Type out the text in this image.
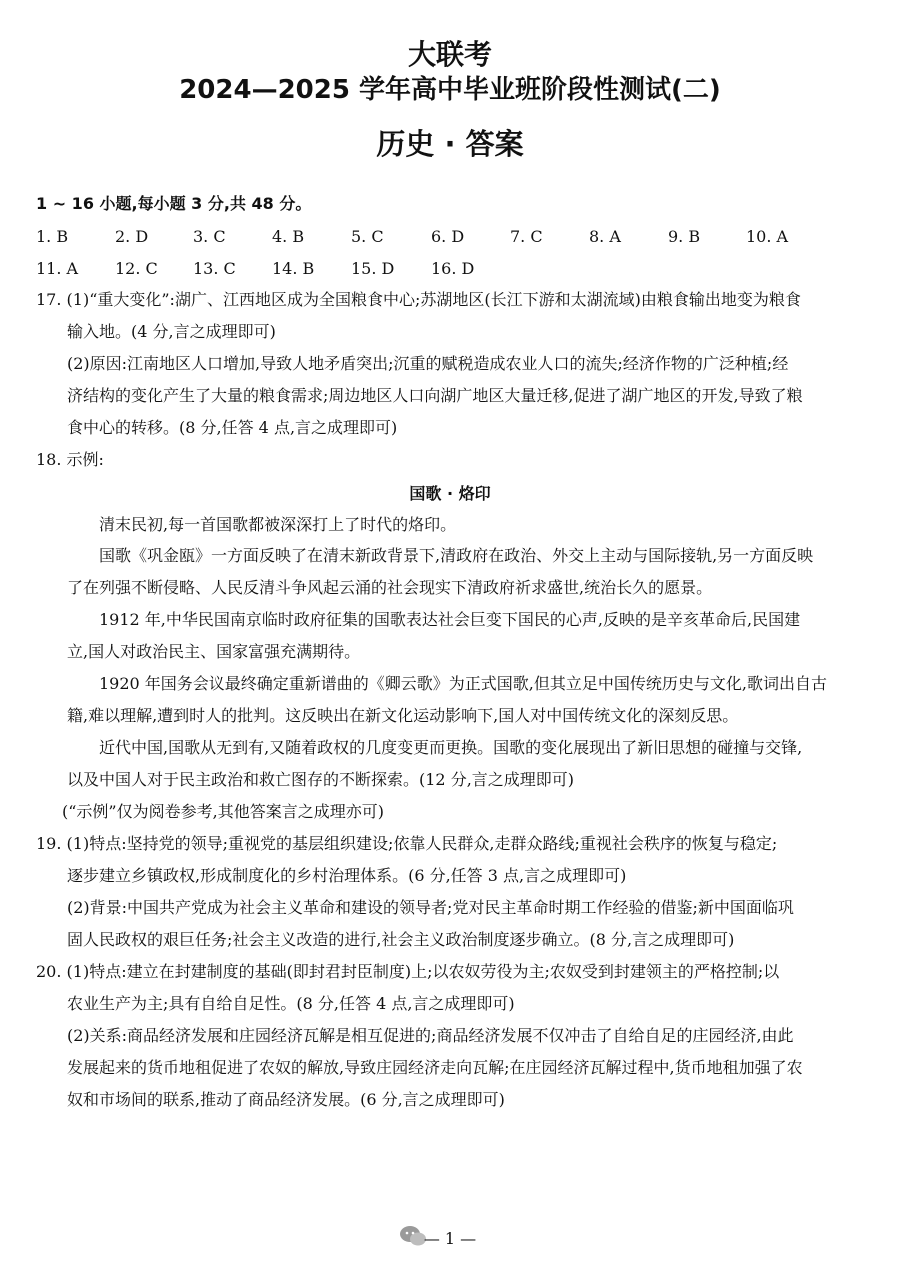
大联考
2024—2025 学年高中毕业班阶段性测试(二)
历史 · 答案
1 ~ 16 小题,每小题 3 分,共 48 分。
1. B	2. D	3. C	4. B	5. C	6. D	7. C	8. A	9. B	10. A
11. A 12. C 13. C 14. B 15. D 16. D
17. (1)“重大变化”:湖广、江西地区成为全国粮食中心;苏湖地区(长江下游和太湖流域)由粮食输出地变为粮食
输入地。(4 分,言之成理即可)
(2)原因:江南地区人口增加,导致人地矛盾突出;沉重的赋税造成农业人口的流失;经济作物的广泛种植;经
济结构的变化产生了大量的粮食需求;周边地区人口向湖广地区大量迁移,促进了湖广地区的开发,导致了粮
食中心的转移。(8 分,任答 4 点,言之成理即可)
18. 示例:
国歌 · 烙印
清末民初,每一首国歌都被深深打上了时代的烙印。
国歌《巩金瓯》一方面反映了在清末新政背景下,清政府在政治、外交上主动与国际接轨,另一方面反映
了在列强不断侵略、人民反清斗争风起云涌的社会现实下清政府祈求盛世,统治长久的愿景。
1912 年,中华民国南京临时政府征集的国歌表达社会巨变下国民的心声,反映的是辛亥革命后,民国建
立,国人对政治民主、国家富强充满期待。
1920 年国务会议最终确定重新谱曲的《卿云歌》为正式国歌,但其立足中国传统历史与文化,歌词出自古
籍,难以理解,遭到时人的批判。这反映出在新文化运动影响下,国人对中国传统文化的深刻反思。
近代中国,国歌从无到有,又随着政权的几度变更而更换。国歌的变化展现出了新旧思想的碰撞与交锋,
以及中国人对于民主政治和救亡图存的不断探索。(12 分,言之成理即可)
(“示例”仅为阅卷参考,其他答案言之成理亦可)
19. (1)特点:坚持党的领导;重视党的基层组织建设;依靠人民群众,走群众路线;重视社会秩序的恢复与稳定;
逐步建立乡镇政权,形成制度化的乡村治理体系。(6 分,任答 3 点,言之成理即可)
(2)背景:中国共产党成为社会主义革命和建设的领导者;党对民主革命时期工作经验的借鉴;新中国面临巩
固人民政权的艰巨任务;社会主义改造的进行,社会主义政治制度逐步确立。(8 分,言之成理即可)
20. (1)特点:建立在封建制度的基础(即封君封臣制度)上;以农奴劳役为主;农奴受到封建领主的严格控制;以
农业生产为主;具有自给自足性。(8 分,任答 4 点,言之成理即可)
(2)关系:商品经济发展和庄园经济瓦解是相互促进的;商品经济发展不仅冲击了自给自足的庄园经济,由此
发展起来的货币地租促进了农奴的解放,导致庄园经济走向瓦解;在庄园经济瓦解过程中,货币地租加强了农
奴和市场间的联系,推动了商品经济发展。(6 分,言之成理即可)
— 1 —
